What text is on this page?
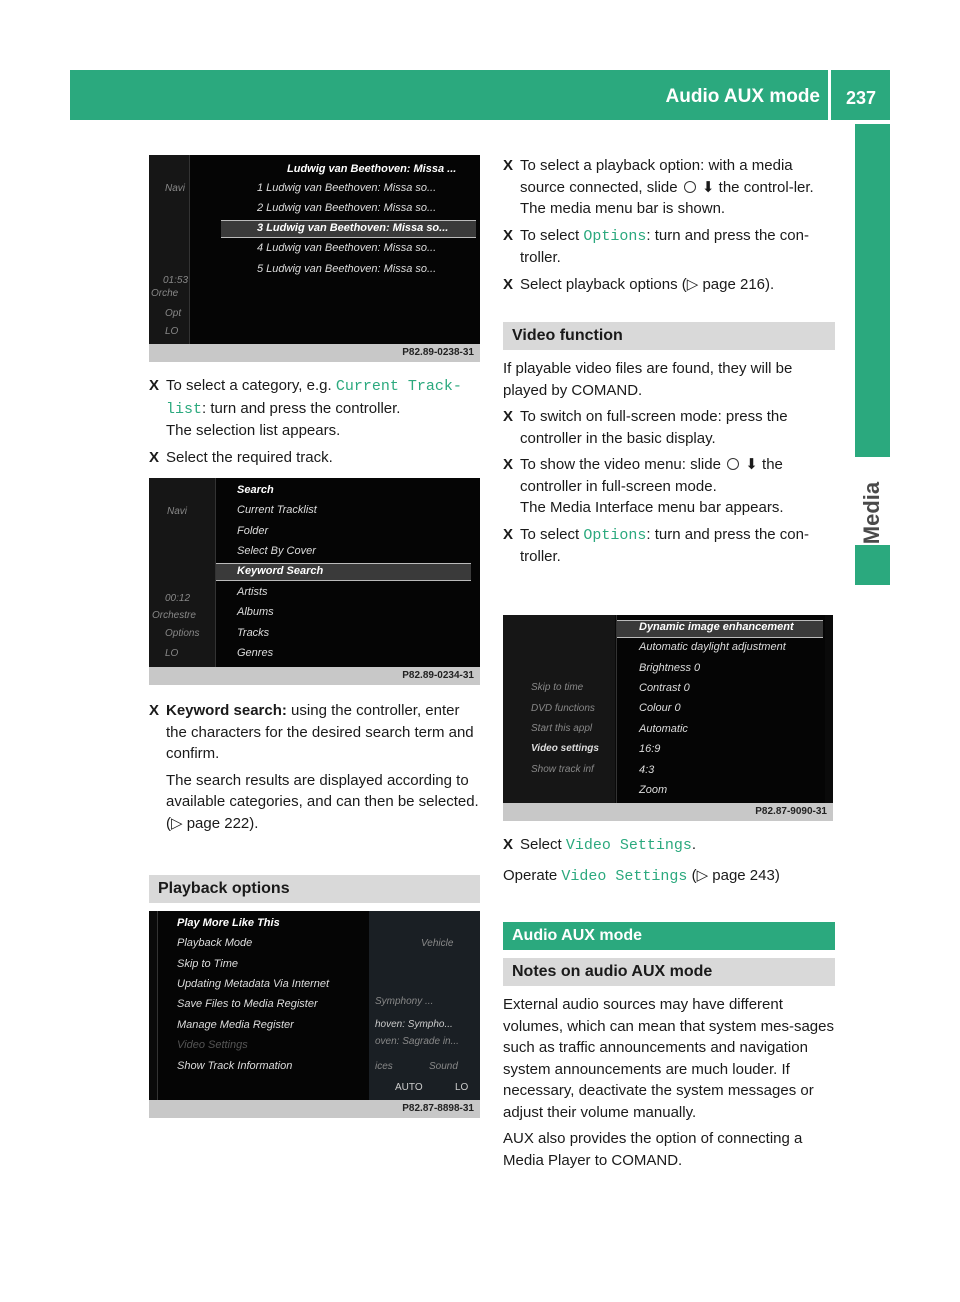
Audio AUX mode	237
Media
Navi
01:53
Orche
Opt
LO
Ludwig van Beethoven: Missa ...
1 Ludwig van Beethoven: Missa so...
2 Ludwig van Beethoven: Missa so...
3 Ludwig van Beethoven: Missa so...
4 Ludwig van Beethoven: Missa so...
5 Ludwig van Beethoven: Missa so...
P82.89-0238-31
Navi
00:12
Orchestre
Options
LO
Search
Current Tracklist
Folder
Select By Cover
Keyword Search
Artists
Albums
Tracks
Genres
P82.89-0234-31
Play More Like This
Playback Mode
Skip to Time
Updating Metadata Via Internet
Save Files to Media Register
Manage Media Register
Video Settings
Show Track Information
Vehicle
Symphony ...
hoven: Sympho...
oven: Sagrade in...
ices	Sound
AUTO	LO
P82.87-8898-31
Skip to time
DVD functions
Start this appl
Video settings
Show track inf
Dynamic image enhancement
Automatic daylight adjustment
Brightness 0
Contrast 0
Colour 0
Automatic
16:9
4:3
Zoom
P82.87-9090-31
X To select a category, e.g. Current Track‐list: turn and press the controller.
The selection list appears.
X Select the required track.
X Keyword search: using the controller, enter the characters for the desired search term and confirm.
The search results are displayed according to available categories, and can then be selected. (▷ page 222).
Playback options
X To select a playback option: with a media source connected, slide  ⬇ the control‐ler.
The media menu bar is shown.
X To select Options: turn and press the con‐troller.
X Select playback options (▷ page 216).
Video function

If playable video files are found, they will be played by COMAND.

X To switch on full-screen mode: press the controller in the basic display.
X To show the video menu: slide  ⬇ the controller in full-screen mode.
The Media Interface menu bar appears.
X To select Options: turn and press the con‐troller.
X Select Video Settings.

Operate Video Settings (▷ page 243)

Audio AUX mode
Notes on audio AUX mode

External audio sources may have different volumes, which can mean that system mes‐sages such as traffic announcements and navigation system announcements are much louder. If necessary, deactivate the system messages or adjust their volume manually.

AUX also provides the option of connecting a Media Player to COMAND.
